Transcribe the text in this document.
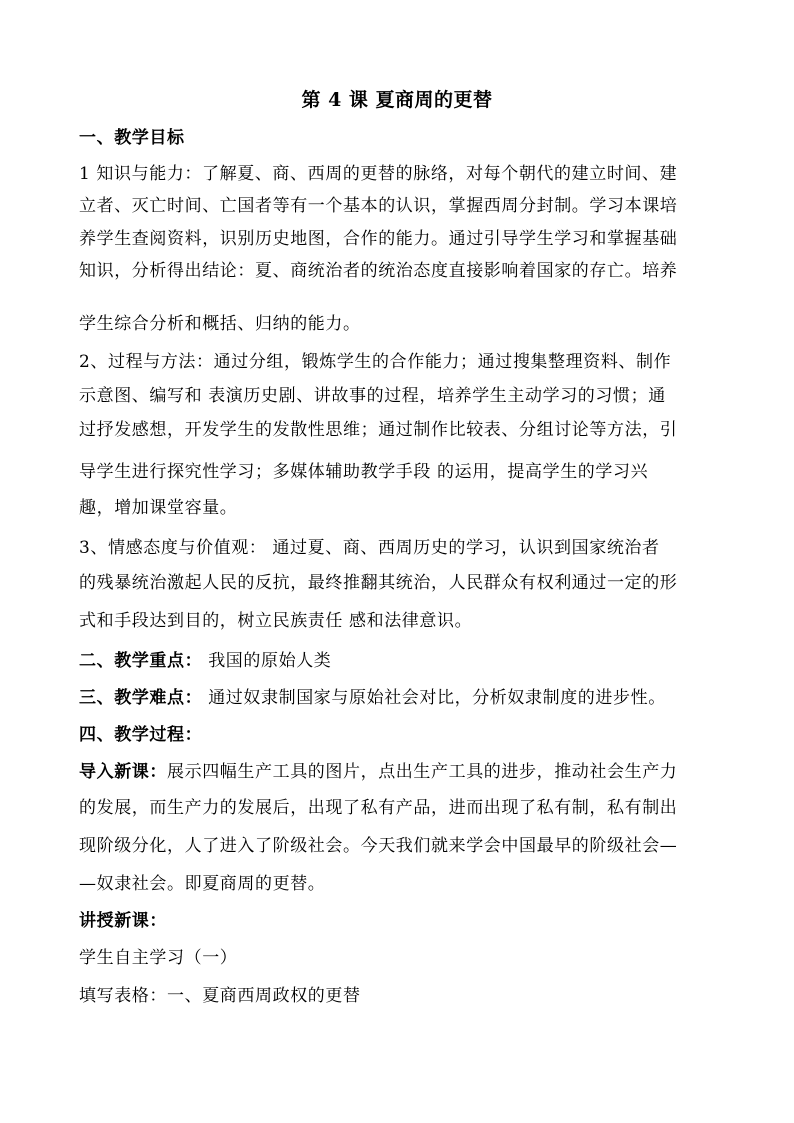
第 4 课 夏商周的更替
一、教学目标
1 知识与能力：了解夏、商、西周的更替的脉络，对每个朝代的建立时间、建
立者、灭亡时间、亡国者等有一个基本的认识，掌握西周分封制。学习本课培
养学生查阅资料，识别历史地图，合作的能力。通过引导学生学习和掌握基础
知识，分析得出结论：夏、商统治者的统治态度直接影响着国家的存亡。培养
学生综合分析和概括、归纳的能力。
2、过程与方法：通过分组，锻炼学生的合作能力；通过搜集整理资料、制作
示意图、编写和 表演历史剧、讲故事的过程，培养学生主动学习的习惯；通
过抒发感想，开发学生的发散性思维；通过制作比较表、分组讨论等方法，引
导学生进行探究性学习；多媒体辅助教学手段 的运用，提高学生的学习兴
趣，增加课堂容量。
3、情感态度与价值观： 通过夏、商、西周历史的学习，认识到国家统治者
的残暴统治激起人民的反抗，最终推翻其统治，人民群众有权利通过一定的形
式和手段达到目的，树立民族责任 感和法律意识。
二、教学重点： 我国的原始人类
三、教学难点： 通过奴隶制国家与原始社会对比，分析奴隶制度的进步性。
四、教学过程：
导入新课：展示四幅生产工具的图片，点出生产工具的进步，推动社会生产力
的发展，而生产力的发展后，出现了私有产品，进而出现了私有制，私有制出
现阶级分化，人了进入了阶级社会。今天我们就来学会中国最早的阶级社会—
—奴隶社会。即夏商周的更替。
讲授新课：
学生自主学习（一）
填写表格：一、夏商西周政权的更替
